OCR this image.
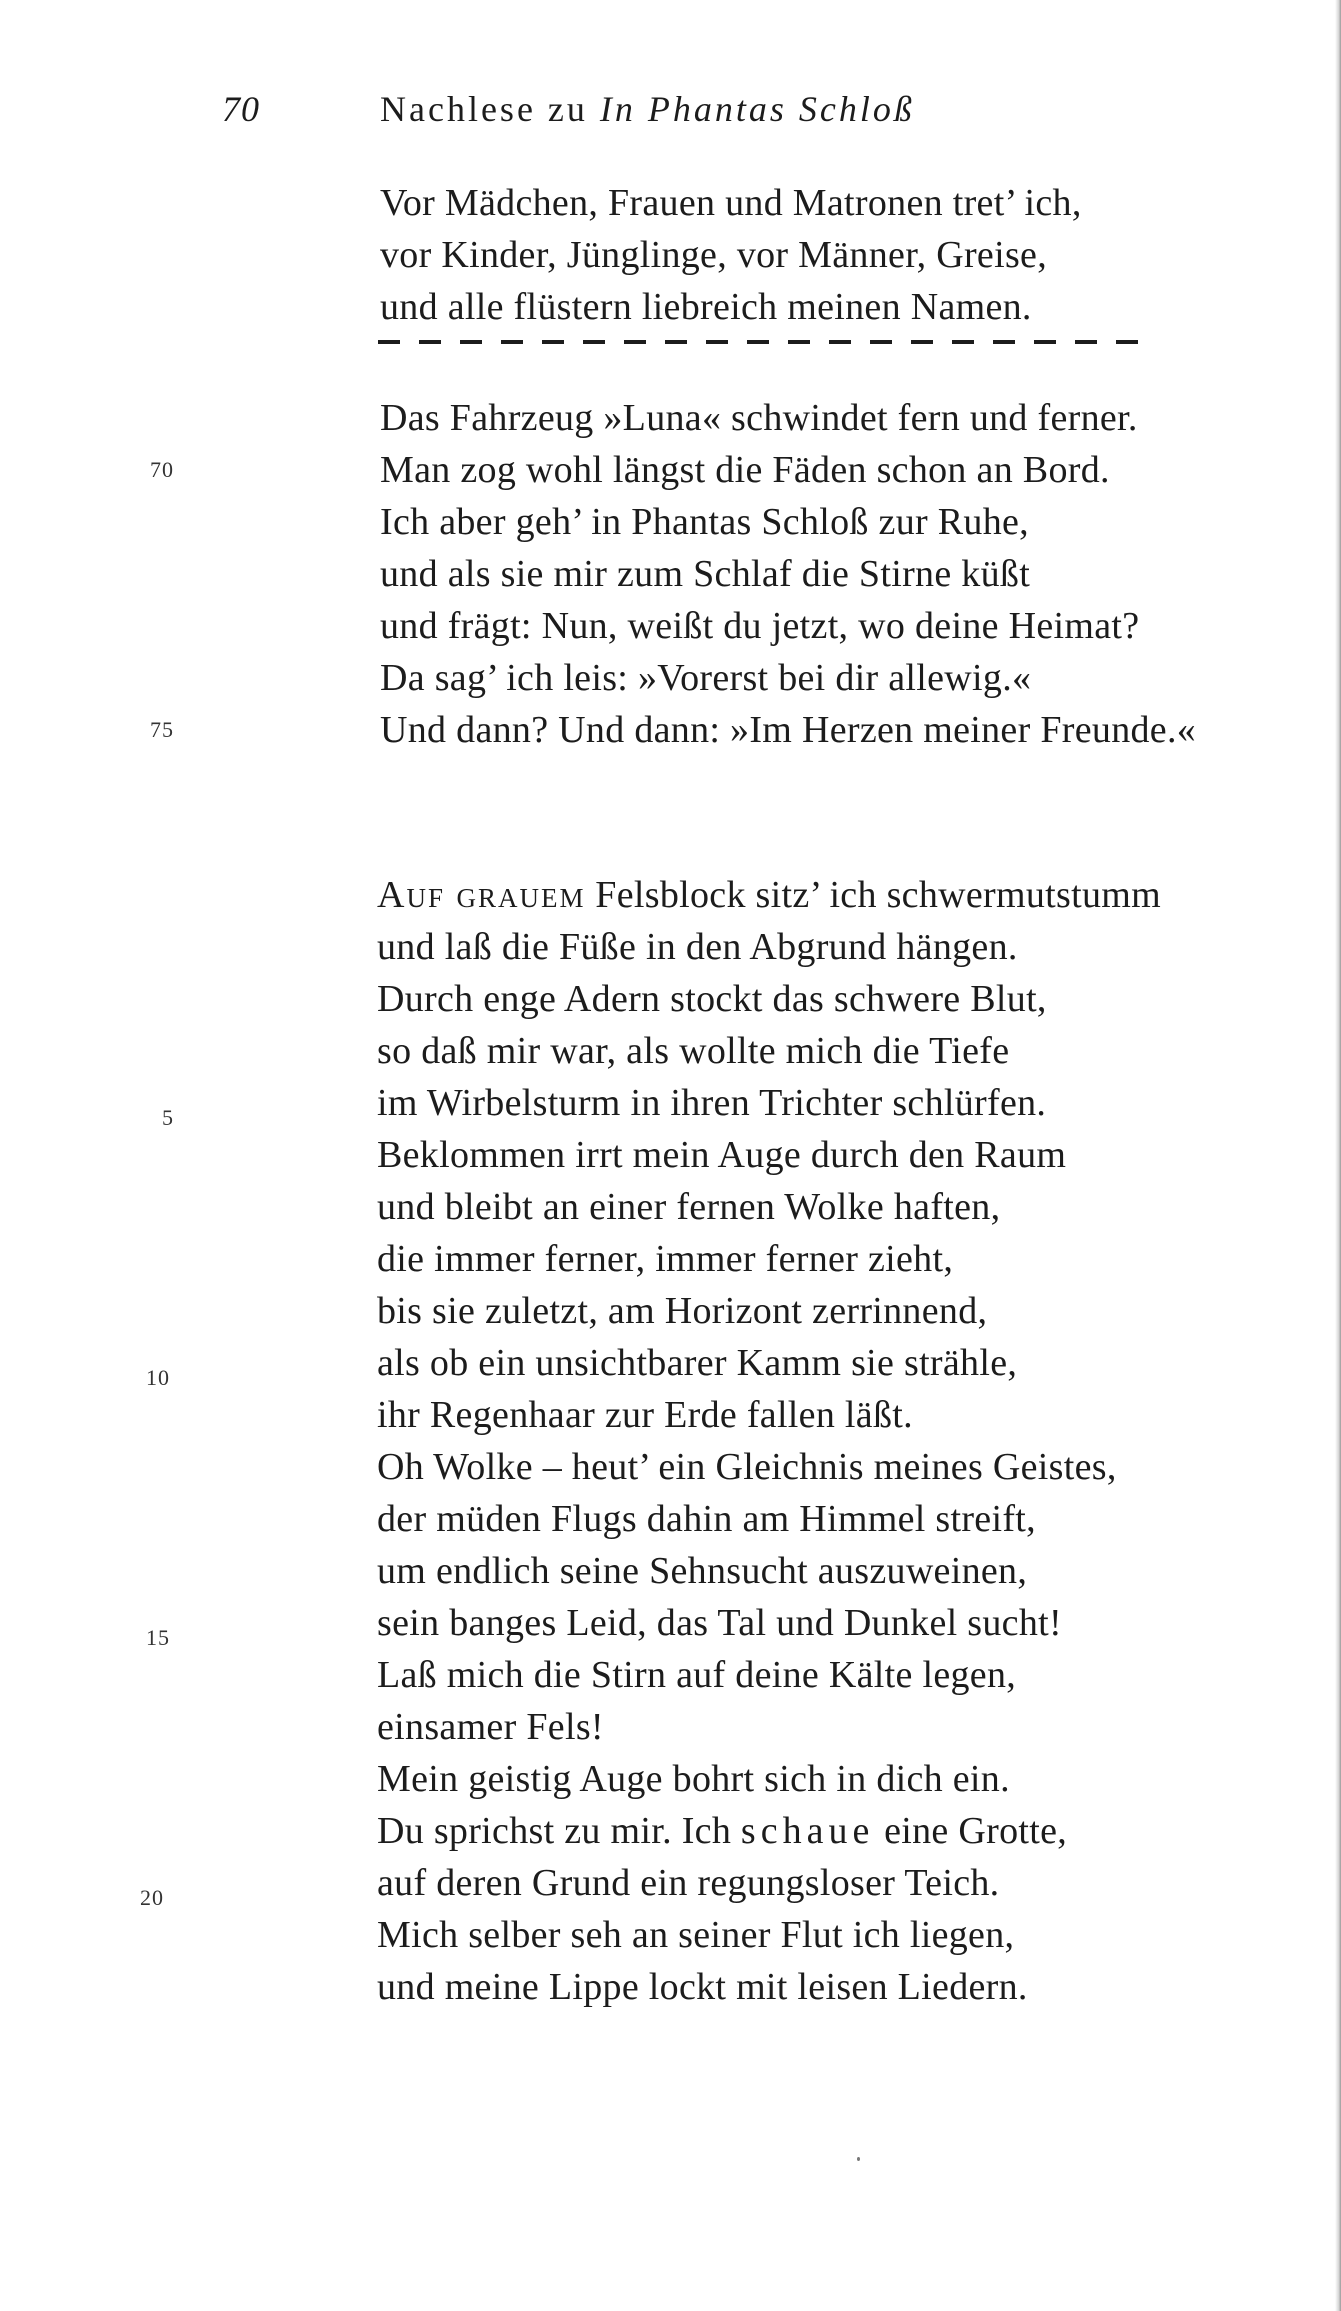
70	Nachlese zu In Phantas Schloß
Vor Mädchen, Frauen und Matronen tret’ ich,
vor Kinder, Jünglinge, vor Männer, Greise,
und alle flüstern liebreich meinen Namen.
Das Fahrzeug »Luna« schwindet fern und ferner.
Man zog wohl längst die Fäden schon an Bord.
Ich aber geh’ in Phantas Schloß zur Ruhe,
und als sie mir zum Schlaf die Stirne küßt
und frägt: Nun, weißt du jetzt, wo deine Heimat?
Da sag’ ich leis: »Vorerst bei dir allewig.«
Und dann? Und dann: »Im Herzen meiner Freunde.«
70
75
Auf grauem Felsblock sitz’ ich schwermutstumm
und laß die Füße in den Abgrund hängen.
Durch enge Adern stockt das schwere Blut,
so daß mir war, als wollte mich die Tiefe
im Wirbelsturm in ihren Trichter schlürfen.
Beklommen irrt mein Auge durch den Raum
und bleibt an einer fernen Wolke haften,
die immer ferner, immer ferner zieht,
bis sie zuletzt, am Horizont zerrinnend,
als ob ein unsichtbarer Kamm sie strähle,
ihr Regenhaar zur Erde fallen läßt.
Oh Wolke – heut’ ein Gleichnis meines Geistes,
der müden Flugs dahin am Himmel streift,
um endlich seine Sehnsucht auszuweinen,
sein banges Leid, das Tal und Dunkel sucht!
Laß mich die Stirn auf deine Kälte legen,
einsamer Fels!
Mein geistig Auge bohrt sich in dich ein.
Du sprichst zu mir. Ich schaue eine Grotte,
auf deren Grund ein regungsloser Teich.
Mich selber seh an seiner Flut ich liegen,
und meine Lippe lockt mit leisen Liedern.
5
10
15
20
